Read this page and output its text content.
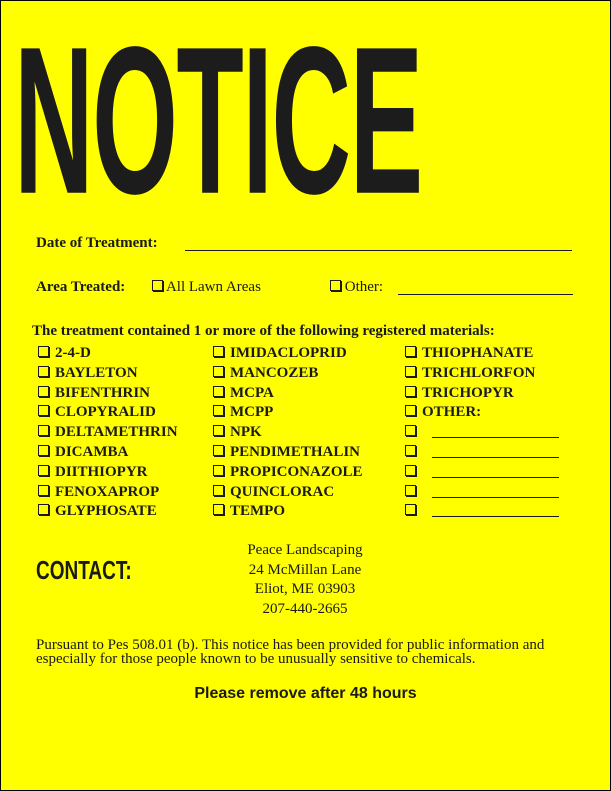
NOTICE
Date of Treatment:
Area Treated:	All Lawn Areas	Other:
The treatment contained 1 or more of the following registered materials:
2-4-D
BAYLETON
BIFENTHRIN
CLOPYRALID
DELTAMETHRIN
DICAMBA
DIITHIOPYR
FENOXAPROP
GLYPHOSATE
IMIDACLOPRID
MANCOZEB
MCPA
MCPP
NPK
PENDIMETHALIN
PROPICONAZOLE
QUINCLORAC
TEMPO
THIOPHANATE
TRICHLORFON
TRICHOPYR
OTHER:
CONTACT:
Peace Landscaping
24 McMillan Lane
Eliot, ME 03903
207-440-2665
Pursuant to Pes 508.01 (b). This notice has been provided for public information and especially for those people known to be unusually sensitive to chemicals.
Please remove after 48 hours
